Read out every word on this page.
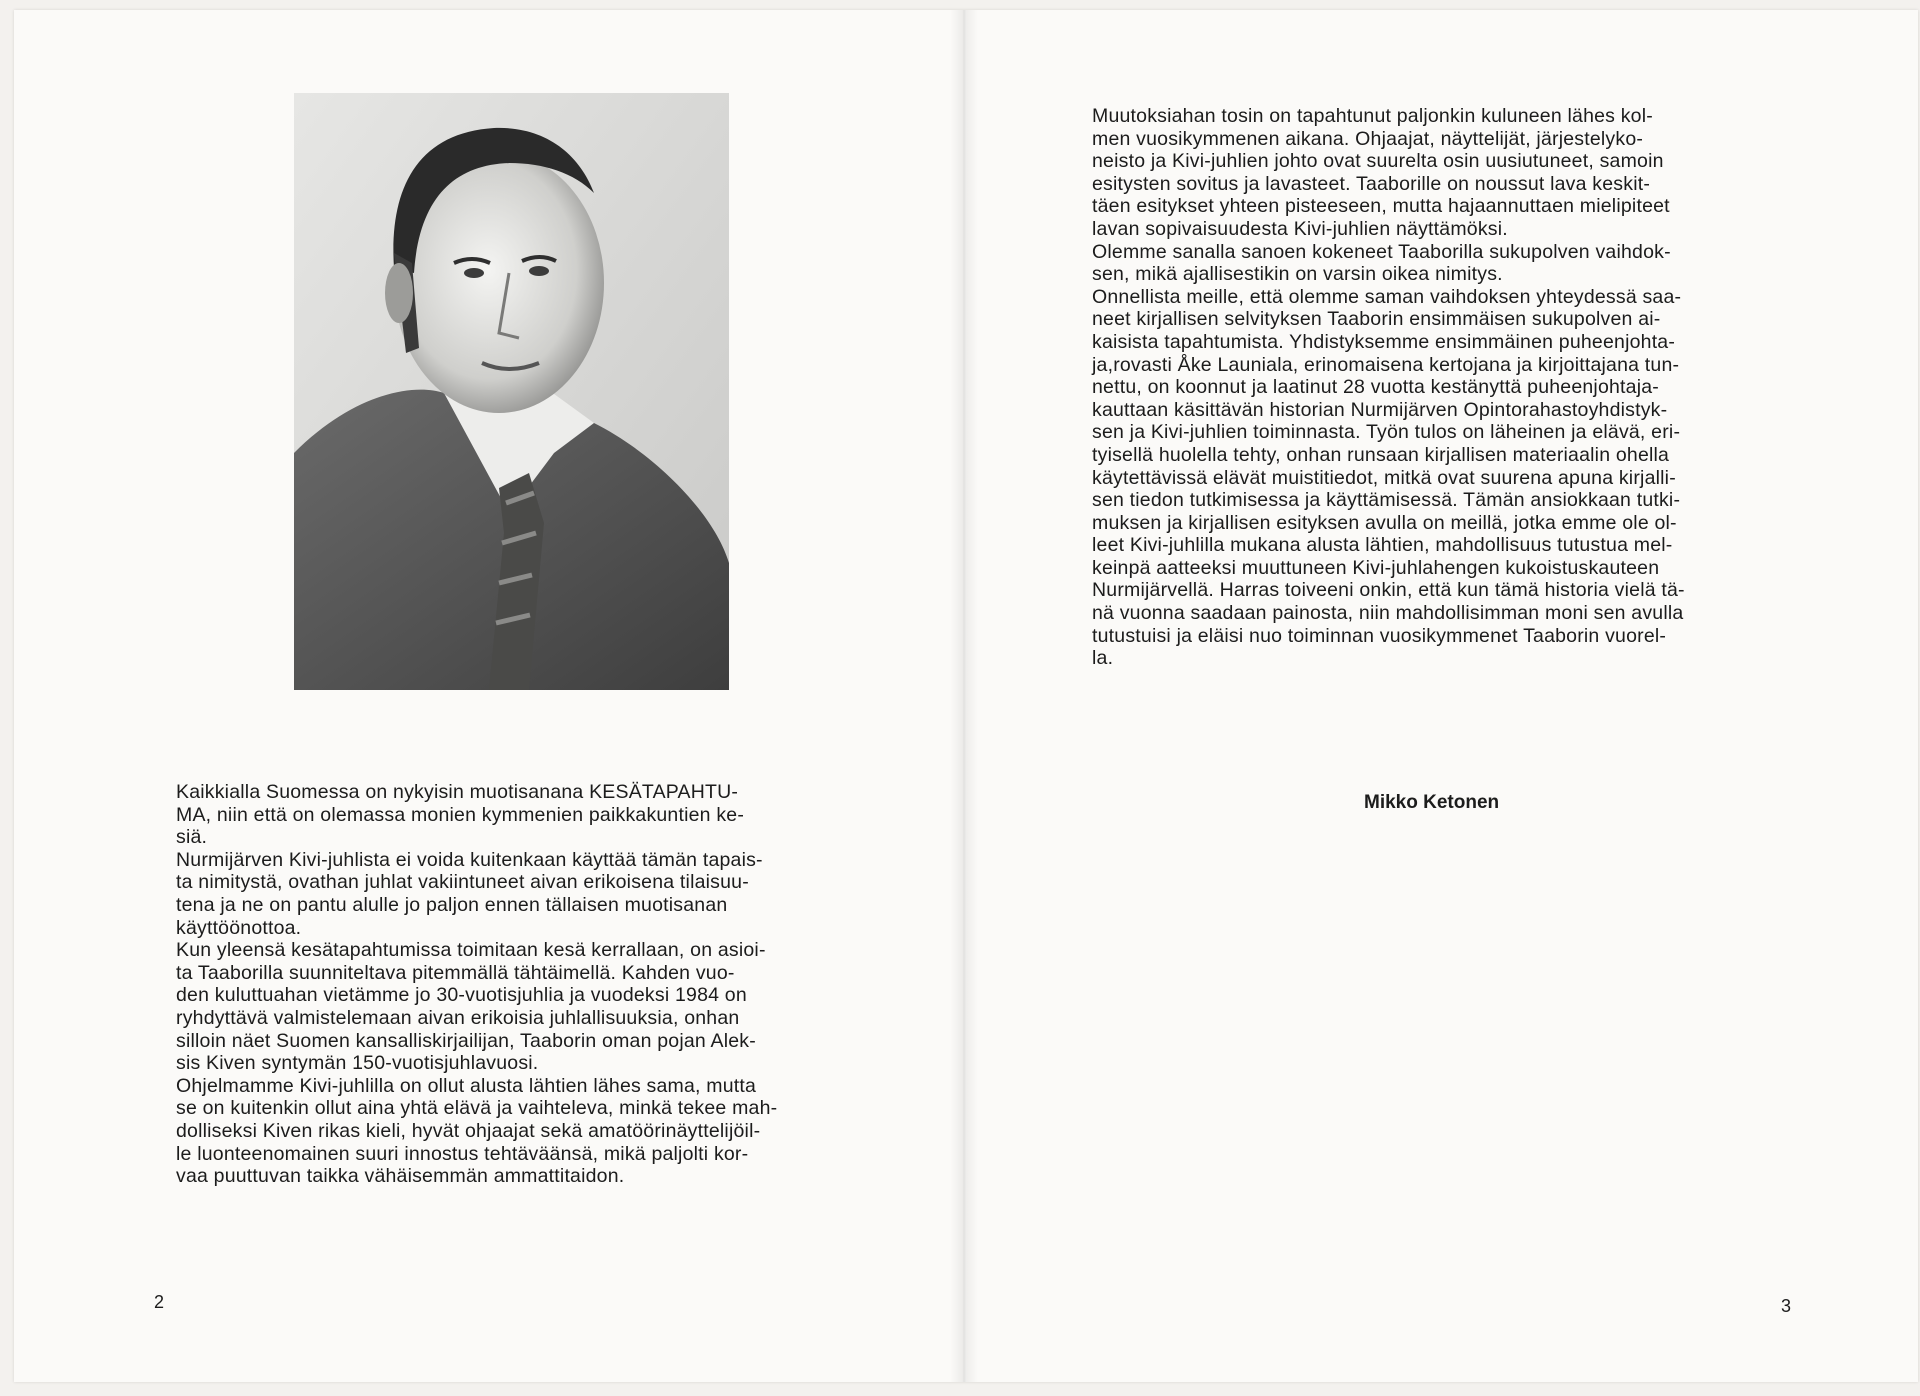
Kaikkialla Suomessa on nykyisin muotisanana KESÄTAPAHTU-
MA, niin että on olemassa monien kymmenien paikkakuntien ke-
siä.

Nurmijärven Kivi-juhlista ei voida kuitenkaan käyttää tämän tapais-
ta nimitystä, ovathan juhlat vakiintuneet aivan erikoisena tilaisuu-
tena ja ne on pantu alulle jo paljon ennen tällaisen muotisanan
käyttöönottoa.

Kun yleensä kesätapahtumissa toimitaan kesä kerrallaan, on asioi-
ta Taaborilla suunniteltava pitemmällä tähtäimellä. Kahden vuo-
den kuluttuahan vietämme jo 30-vuotisjuhlia ja vuodeksi 1984 on
ryhdyttävä valmistelemaan aivan erikoisia juhlallisuuksia, onhan
silloin näet Suomen kansalliskirjailijan, Taaborin oman pojan Alek-
sis Kiven syntymän 150-vuotisjuhlavuosi.

Ohjelmamme Kivi-juhlilla on ollut alusta lähtien lähes sama, mutta
se on kuitenkin ollut aina yhtä elävä ja vaihteleva, minkä tekee mah-
dolliseksi Kiven rikas kieli, hyvät ohjaajat sekä amatöörinäyttelijöil-
le luonteenomainen suuri innostus tehtäväänsä, mikä paljolti kor-
vaa puuttuvan taikka vähäisemmän ammattitaidon.

2

Muutoksiahan tosin on tapahtunut paljonkin kuluneen lähes kol-
men vuosikymmenen aikana. Ohjaajat, näyttelijät, järjestelyko-
neisto ja Kivi-juhlien johto ovat suurelta osin uusiutuneet, samoin
esitysten sovitus ja lavasteet. Taaborille on noussut lava keskit-
täen esitykset yhteen pisteeseen, mutta hajaannuttaen mielipiteet
lavan sopivaisuudesta Kivi-juhlien näyttämöksi.

Olemme sanalla sanoen kokeneet Taaborilla sukupolven vaihdok-
sen, mikä ajallisestikin on varsin oikea nimitys.

Onnellista meille, että olemme saman vaihdoksen yhteydessä saa-
neet kirjallisen selvityksen Taaborin ensimmäisen sukupolven ai-
kaisista tapahtumista. Yhdistyksemme ensimmäinen puheenjohta-
ja,rovasti Åke Launiala, erinomaisena kertojana ja kirjoittajana tun-
nettu, on koonnut ja laatinut 28 vuotta kestänyttä puheenjohtaja-
kauttaan käsittävän historian Nurmijärven Opintorahastoyhdistyk-
sen ja Kivi-juhlien toiminnasta. Työn tulos on läheinen ja elävä, eri-
tyisellä huolella tehty, onhan runsaan kirjallisen materiaalin ohella
käytettävissä elävät muistitiedot, mitkä ovat suurena apuna kirjalli-
sen tiedon tutkimisessa ja käyttämisessä. Tämän ansiokkaan tutki-
muksen ja kirjallisen esityksen avulla on meillä, jotka emme ole ol-
leet Kivi-juhlilla mukana alusta lähtien, mahdollisuus tutustua mel-
keinpä aatteeksi muuttuneen Kivi-juhlahengen kukoistuskauteen
Nurmijärvellä. Harras toiveeni onkin, että kun tämä historia vielä tä-
nä vuonna saadaan painosta, niin mahdollisimman moni sen avulla
tutustuisi ja eläisi nuo toiminnan vuosikymmenet Taaborin vuorel-
la.

Mikko Ketonen
3
